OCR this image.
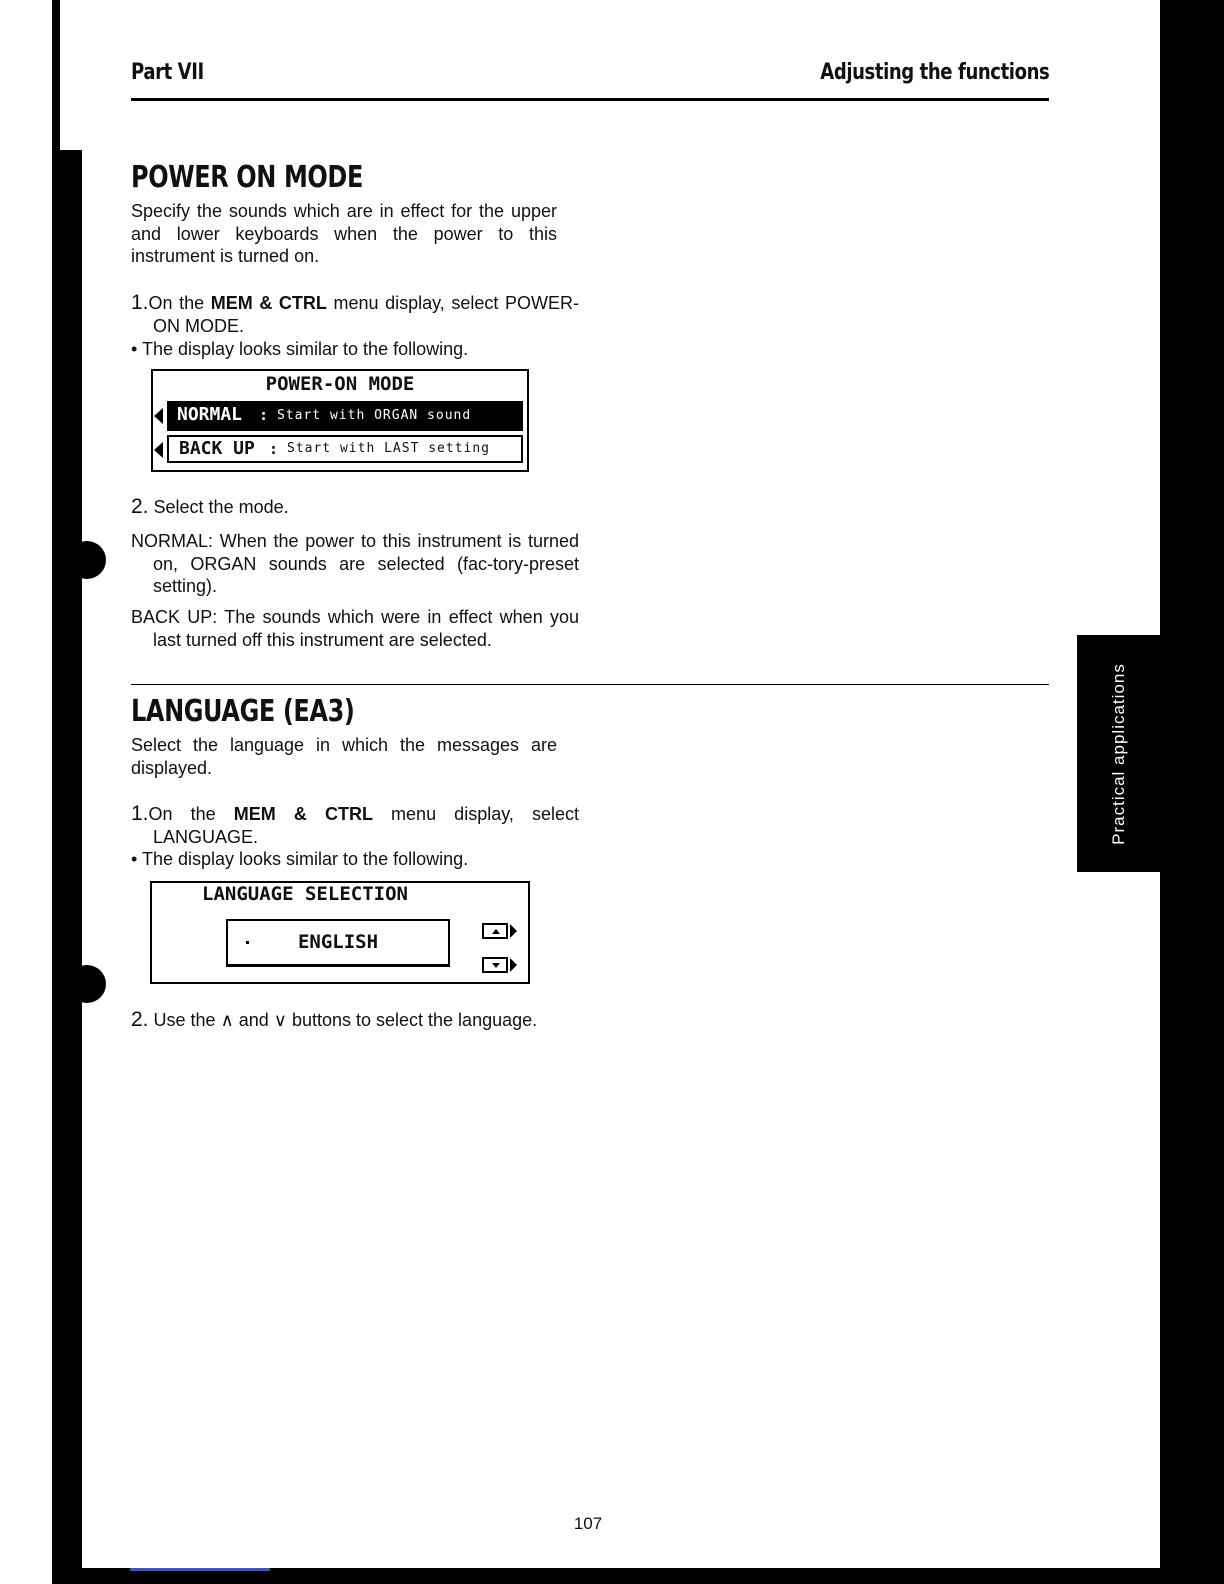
Practical applications
Part VII	Adjusting the functions
POWER ON MODE
Specify the sounds which are in effect for the upper and lower keyboards when the power to this instrument is turned on.
1.On the MEM & CTRL menu display, select POWER-ON MODE.
• The display looks similar to the following.
POWER-ON MODE
NORMAL : Start with ORGAN sound
BACK UP : Start with LAST setting
2. Select the mode.
NORMAL: When the power to this instrument is turned on, ORGAN sounds are selected (fac-tory-preset setting).
BACK UP: The sounds which were in effect when you last turned off this instrument are selected.
LANGUAGE (EA3)
Select the language in which the messages are displayed.
1.On the MEM & CTRL menu display, select LANGUAGE.
• The display looks similar to the following.
LANGUAGE SELECTION
ENGLISH
2. Use the ∧ and ∨ buttons to select the language.
107
